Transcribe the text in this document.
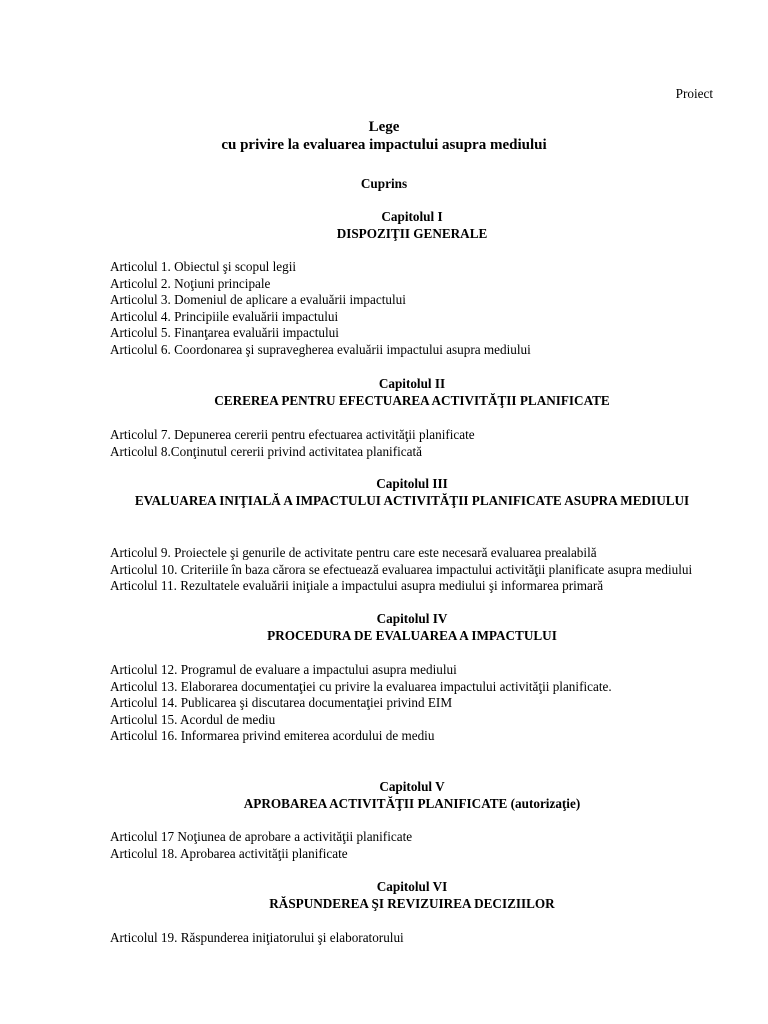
Proiect
Lege
cu privire la evaluarea impactului asupra mediului
Cuprins
Capitolul I
DISPOZIŢII GENERALE
Articolul 1. Obiectul şi scopul legii
Articolul 2. Noţiuni principale
Articolul 3. Domeniul de aplicare a evaluării impactului
Articolul 4. Principiile evaluării impactului
Articolul 5. Finanţarea evaluării impactului
Articolul 6. Coordonarea şi supravegherea evaluării impactului asupra mediului
Capitolul II
CEREREA PENTRU EFECTUAREA ACTIVITĂŢII PLANIFICATE
Articolul 7. Depunerea cererii pentru efectuarea activităţii planificate
Articolul 8.Conţinutul cererii privind activitatea planificată
Capitolul III
EVALUAREA INIŢIALĂ A IMPACTULUI ACTIVITĂŢII PLANIFICATE ASUPRA MEDIULUI
Articolul 9. Proiectele şi genurile de activitate pentru care este necesară evaluarea prealabilă
Articolul 10. Criteriile în baza cărora se efectuează evaluarea impactului activităţii planificate asupra mediului
Articolul 11. Rezultatele evaluării iniţiale a impactului asupra mediului şi informarea primară
Capitolul IV
PROCEDURA DE EVALUAREA A IMPACTULUI
Articolul 12. Programul de evaluare a impactului asupra mediului
Articolul 13. Elaborarea documentaţiei cu privire la evaluarea impactului activităţii planificate.
Articolul 14. Publicarea şi discutarea documentaţiei privind EIM
Articolul 15. Acordul de mediu
Articolul 16. Informarea privind emiterea acordului de mediu
Capitolul V
APROBAREA ACTIVITĂŢII PLANIFICATE (autorizaţie)
Articolul 17 Noţiunea de aprobare a activităţii planificate
Articolul 18. Aprobarea activităţii planificate
Capitolul VI
RĂSPUNDEREA ŞI REVIZUIREA DECIZIILOR
Articolul 19. Răspunderea iniţiatorului şi elaboratorului
